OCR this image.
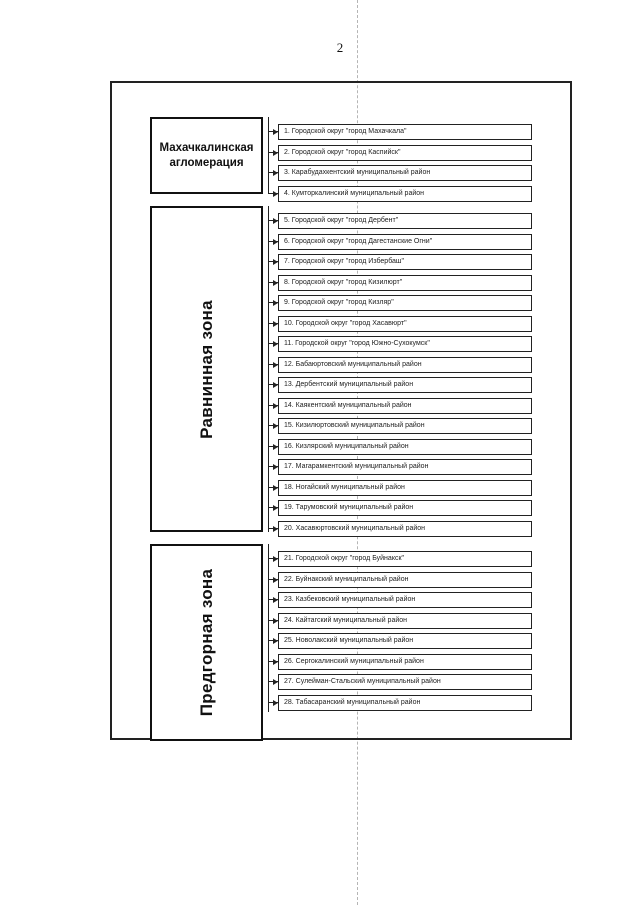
2
Махачкалинская агломерация
1. Городской округ "город Махачкала"
2. Городской округ "город Каспийск"
3. Карабудахкентский муниципальный район
4. Кумторкалинский муниципальный район
Равнинная зона
5. Городской округ "город Дербент"
6. Городской округ "город Дагестанские Огни"
7. Городской округ "город Избербаш"
8. Городской округ "город Кизилюрт"
9. Городской округ "город Кизляр"
10. Городской округ "город Хасавюрт"
11. Городской округ "город Южно-Сухокумск"
12. Бабаюртовский муниципальный район
13. Дербентский муниципальный район
14. Каякентский муниципальный район
15. Кизилюртовский муниципальный район
16. Кизлярский муниципальный район
17. Магарамкентский муниципальный район
18. Ногайский муниципальный район
19. Тарумовский муниципальный район
20. Хасавюртовский муниципальный район
Предгорная зона
21. Городской округ "город Буйнакск"
22. Буйнакский муниципальный район
23. Казбековский муниципальный район
24. Кайтагский муниципальный район
25. Новолакский муниципальный район
26. Сергокалинский муниципальный район
27. Сулейман-Стальский муниципальный район
28. Табасаранский муниципальный район
